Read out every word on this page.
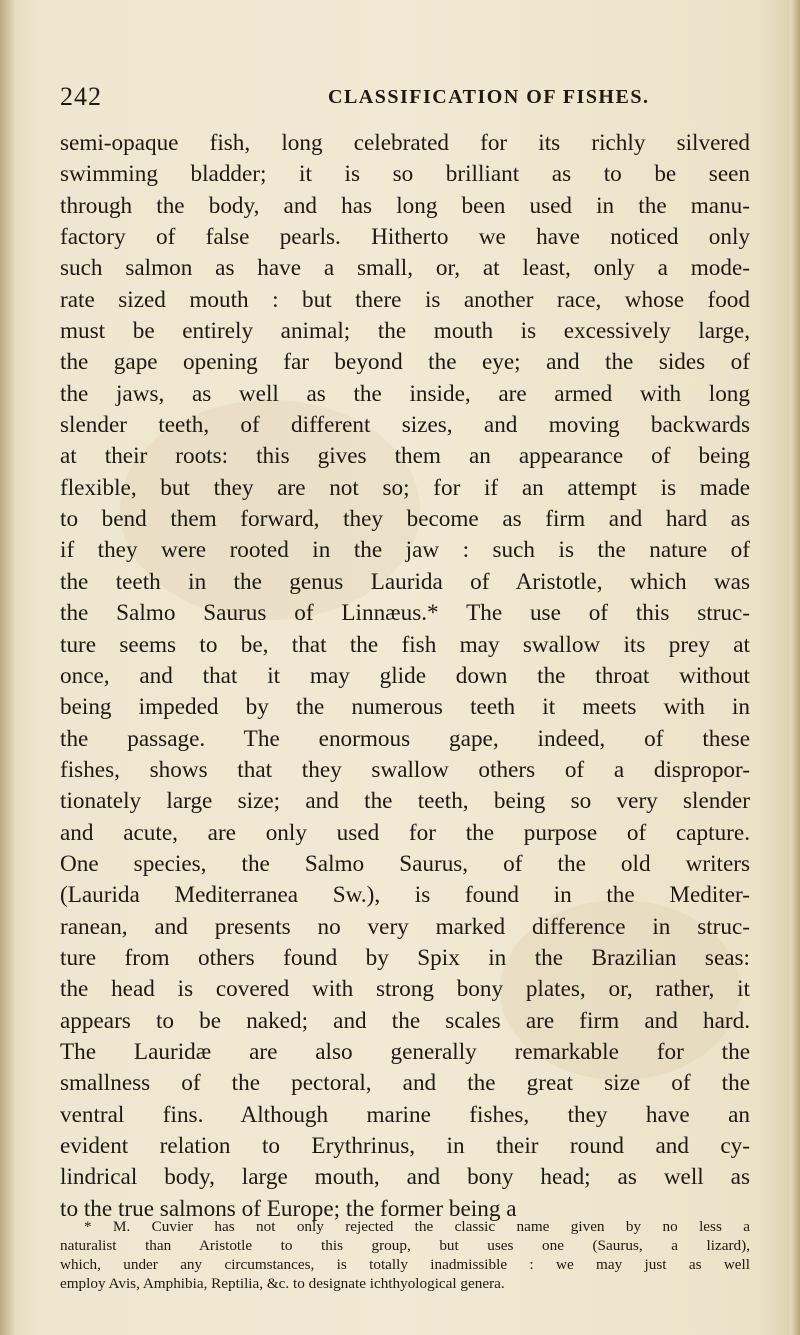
242	CLASSIFICATION OF FISHES.
semi-opaque fish, long celebrated for its richly silvered
swimming bladder; it is so brilliant as to be seen
through the body, and has long been used in the manu-
factory of false pearls. Hitherto we have noticed only
such salmon as have a small, or, at least, only a mode-
rate sized mouth : but there is another race, whose food
must be entirely animal; the mouth is excessively large,
the gape opening far beyond the eye; and the sides of
the jaws, as well as the inside, are armed with long
slender teeth, of different sizes, and moving backwards
at their roots: this gives them an appearance of being
flexible, but they are not so; for if an attempt is made
to bend them forward, they become as firm and hard as
if they were rooted in the jaw : such is the nature of
the teeth in the genus Laurida of Aristotle, which was
the Salmo Saurus of Linnæus.* The use of this struc-
ture seems to be, that the fish may swallow its prey at
once, and that it may glide down the throat without
being impeded by the numerous teeth it meets with in
the passage. The enormous gape, indeed, of these
fishes, shows that they swallow others of a dispropor-
tionately large size; and the teeth, being so very slender
and acute, are only used for the purpose of capture.
One species, the Salmo Saurus, of the old writers
(Laurida Mediterranea Sw.), is found in the Mediter-
ranean, and presents no very marked difference in struc-
ture from others found by Spix in the Brazilian seas:
the head is covered with strong bony plates, or, rather, it
appears to be naked; and the scales are firm and hard.
The Lauridæ are also generally remarkable for the
smallness of the pectoral, and the great size of the
ventral fins. Although marine fishes, they have an
evident relation to Erythrinus, in their round and cy-
lindrical body, large mouth, and bony head; as well as
to the true salmons of Europe; the former being a
* M. Cuvier has not only rejected the classic name given by no less a
naturalist than Aristotle to this group, but uses one (Saurus, a lizard),
which, under any circumstances, is totally inadmissible : we may just as well
employ Avis, Amphibia, Reptilia, &c. to designate ichthyological genera.
